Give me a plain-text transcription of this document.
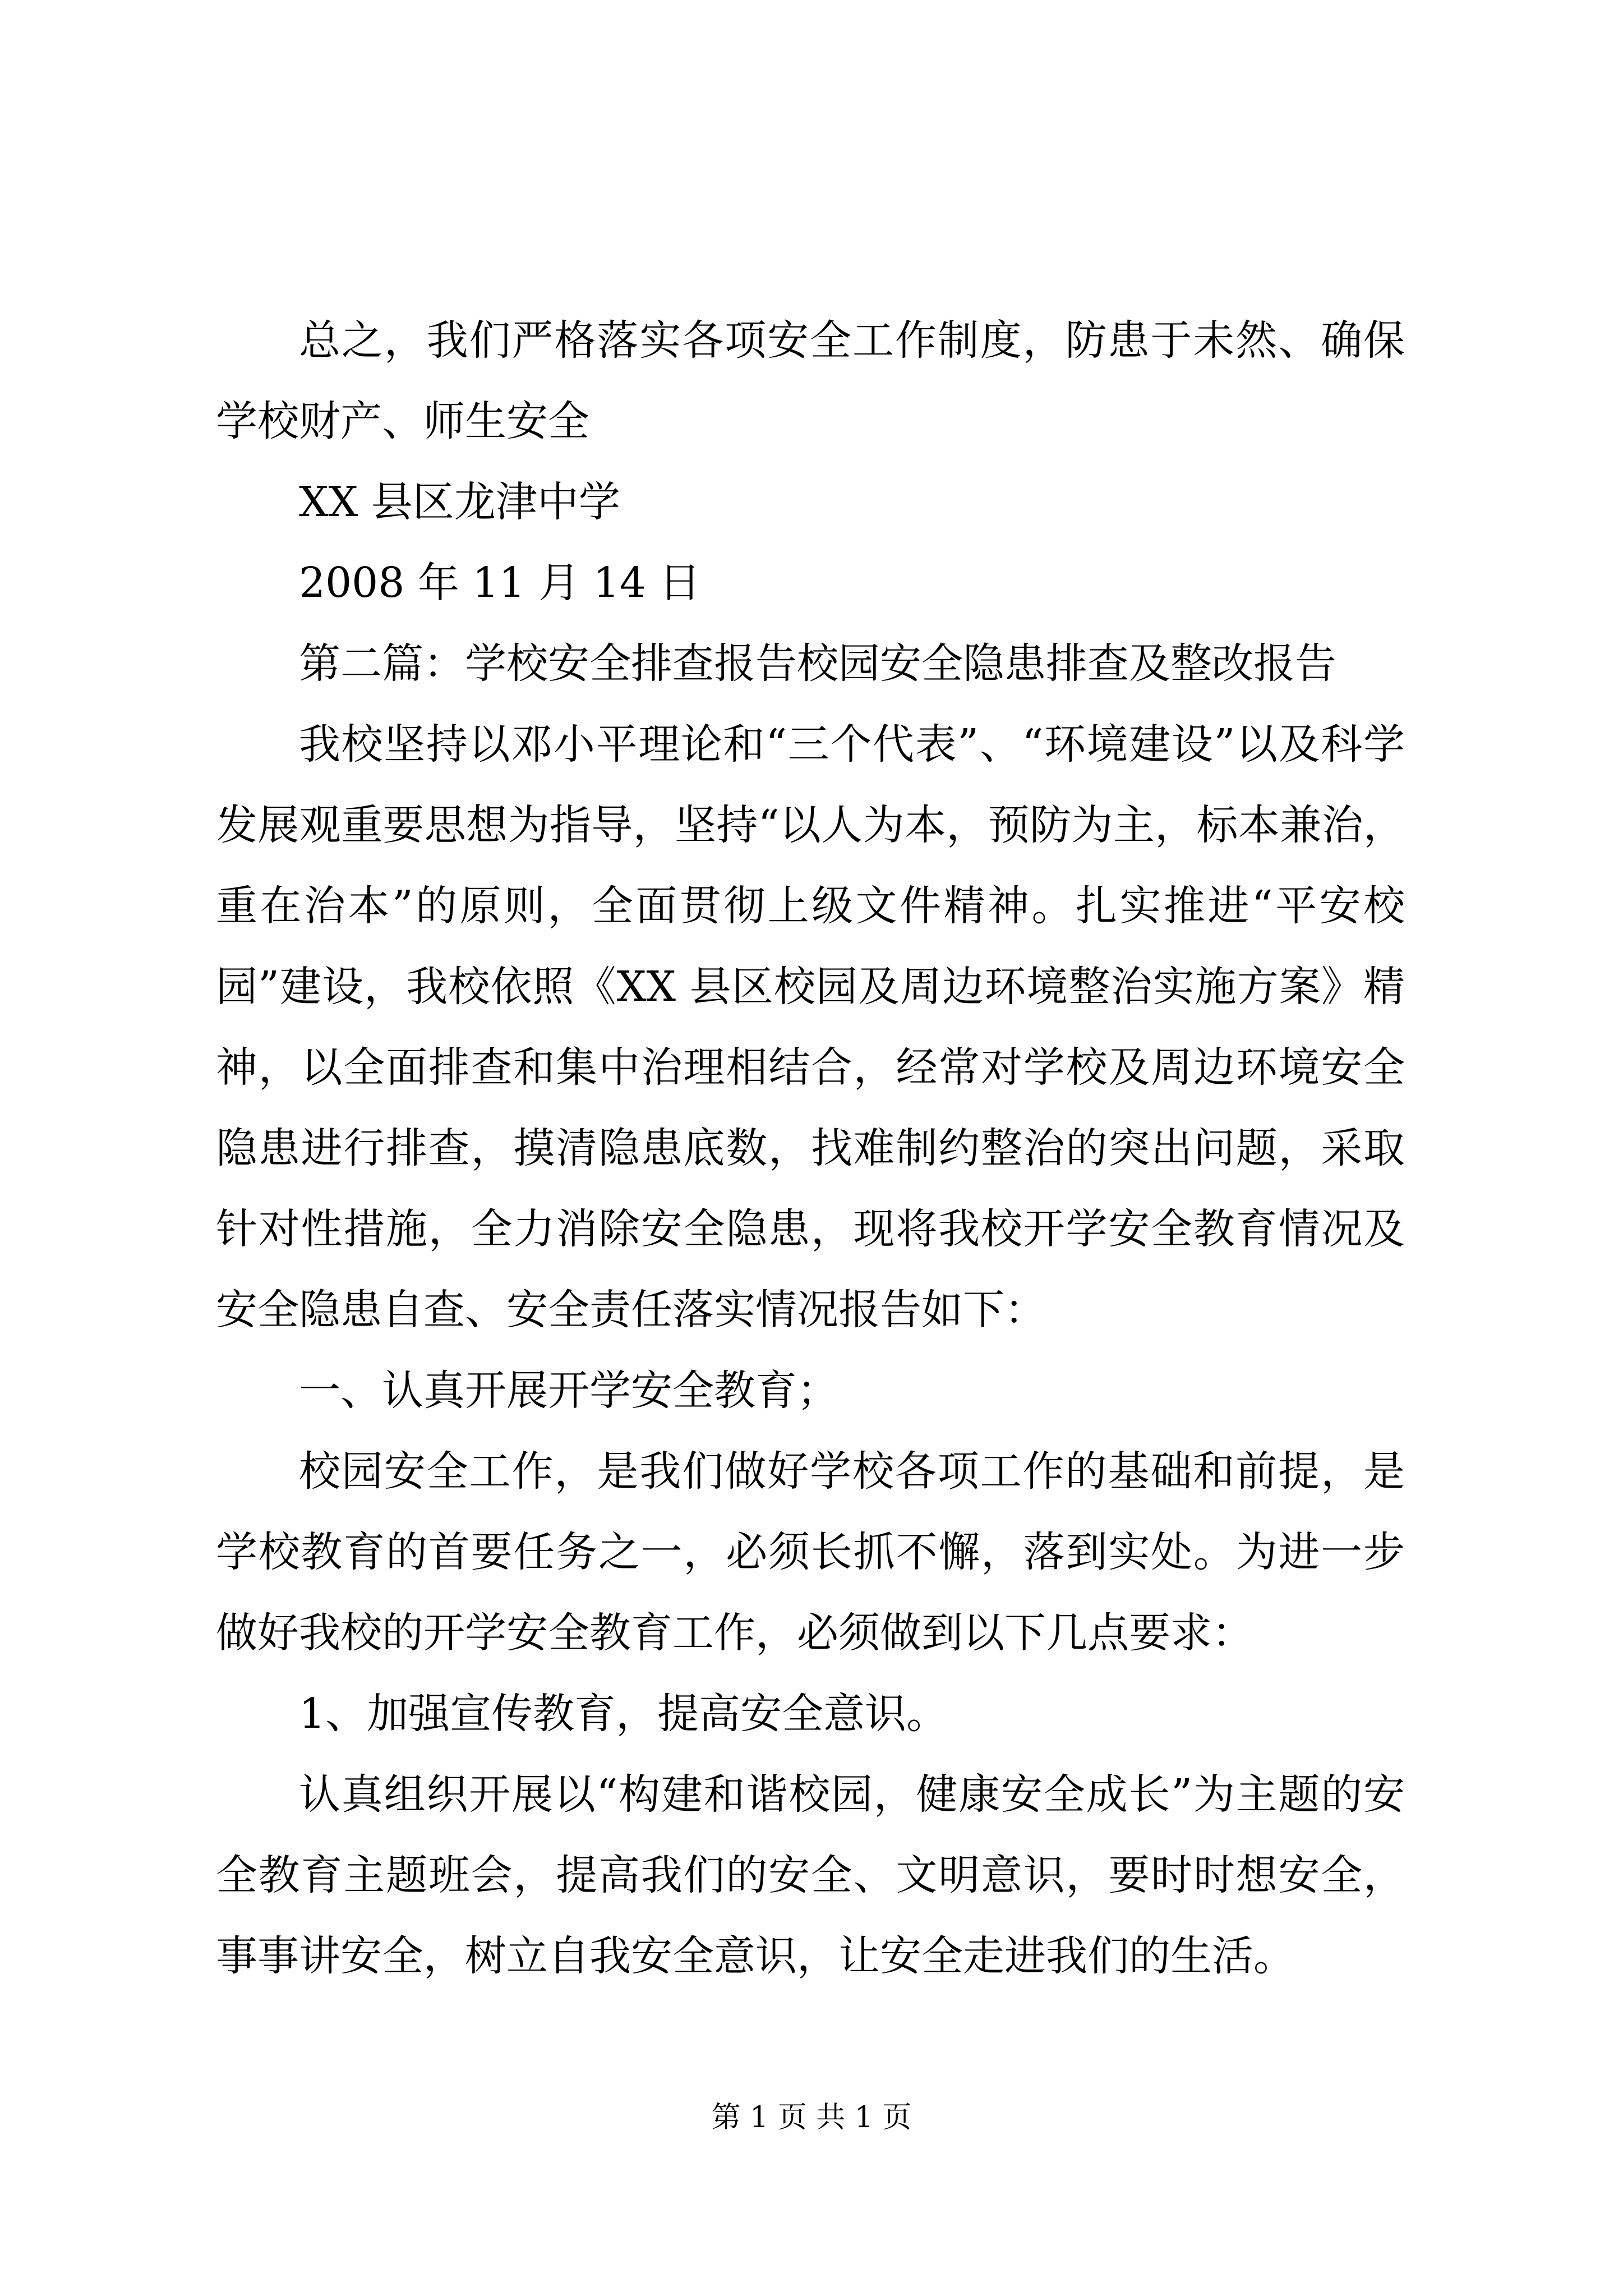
总之，我们严格落实各项安全工作制度，防患于未然、确保学校财产、师生安全

XX 县区龙津中学

2008 年 11 月 14 日

第二篇：学校安全排查报告校园安全隐患排查及整改报告

我校坚持以邓小平理论和“三个代表”、“环境建设”以及科学发展观重要思想为指导，坚持“以人为本，预防为主，标本兼治，重在治本”的原则，全面贯彻上级文件精神。扎实推进“平安校园”建设，我校依照《XX 县区校园及周边环境整治实施方案》精神，以全面排查和集中治理相结合，经常对学校及周边环境安全隐患进行排查，摸清隐患底数，找难制约整治的突出问题，采取针对性措施，全力消除安全隐患，现将我校开学安全教育情况及安全隐患自查、安全责任落实情况报告如下：

一、认真开展开学安全教育；

校园安全工作，是我们做好学校各项工作的基础和前提，是学校教育的首要任务之一，必须长抓不懈，落到实处。为进一步做好我校的开学安全教育工作，必须做到以下几点要求：

1、加强宣传教育，提高安全意识。

认真组织开展以“构建和谐校园，健康安全成长”为主题的安全教育主题班会，提高我们的安全、文明意识，要时时想安全，事事讲安全，树立自我安全意识，让安全走进我们的生活。

第 1 页 共 1 页
